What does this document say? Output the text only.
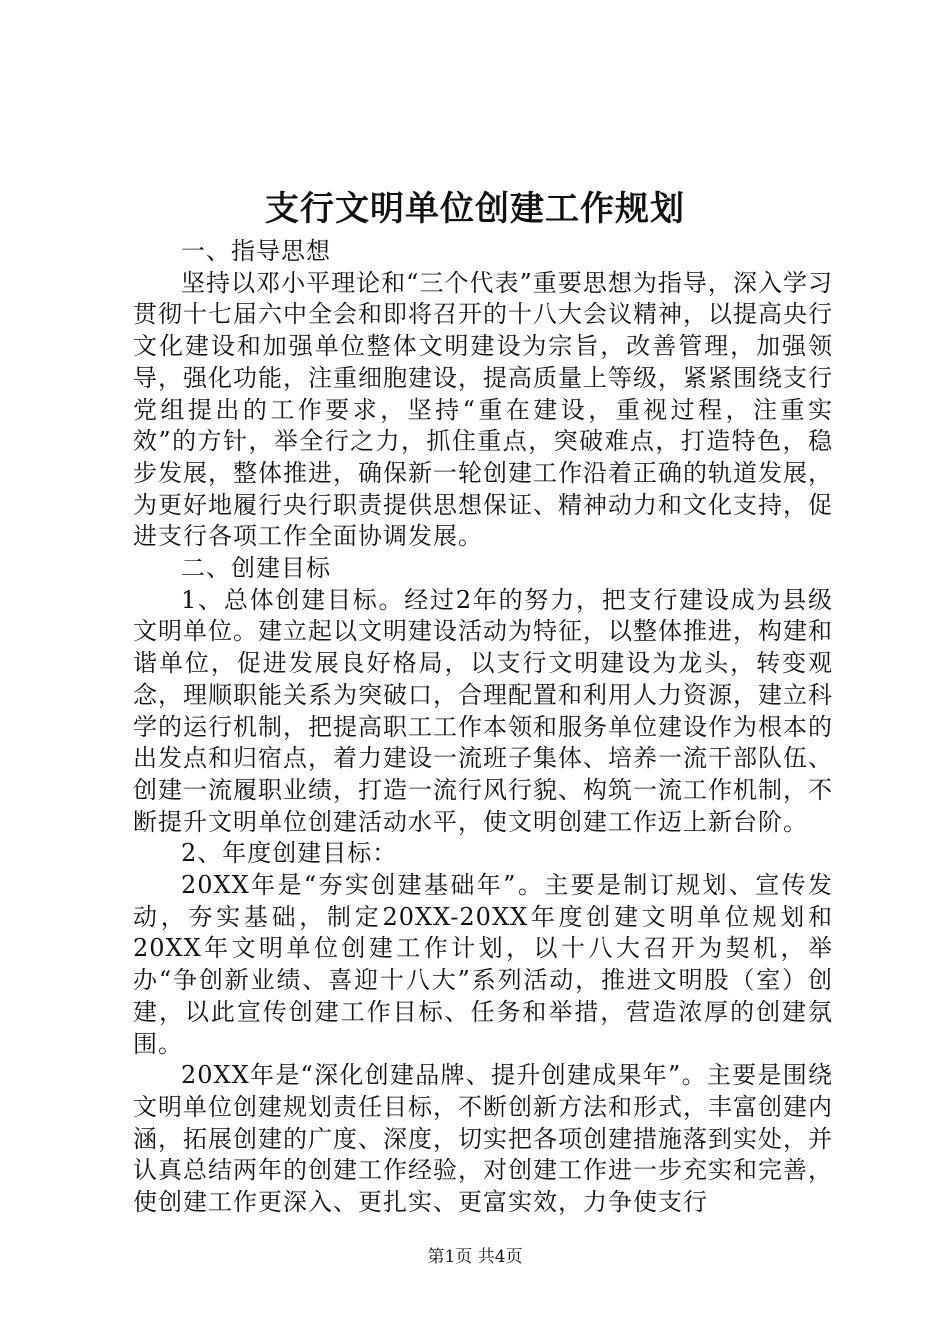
支行文明单位创建工作规划

一、指导思想

坚持以邓小平理论和“三个代表”重要思想为指导，深入学习贯彻十七届六中全会和即将召开的十八大会议精神，以提高央行文化建设和加强单位整体文明建设为宗旨，改善管理，加强领导，强化功能，注重细胞建设，提高质量上等级，紧紧围绕支行党组提出的工作要求，坚持“重在建设，重视过程，注重实效”的方针，举全行之力，抓住重点，突破难点，打造特色，稳步发展，整体推进，确保新一轮创建工作沿着正确的轨道发展，为更好地履行央行职责提供思想保证、精神动力和文化支持，促进支行各项工作全面协调发展。

二、创建目标

1、总体创建目标。经过2年的努力，把支行建设成为县级文明单位。建立起以文明建设活动为特征，以整体推进，构建和谐单位，促进发展良好格局，以支行文明建设为龙头，转变观念，理顺职能关系为突破口，合理配置和利用人力资源，建立科学的运行机制，把提高职工工作本领和服务单位建设作为根本的出发点和归宿点，着力建设一流班子集体、培养一流干部队伍、创建一流履职业绩，打造一流行风行貌、构筑一流工作机制，不断提升文明单位创建活动水平，使文明创建工作迈上新台阶。

2、年度创建目标：

20XX年是“夯实创建基础年”。主要是制订规划、宣传发动，夯实基础，制定20XX-20XX年度创建文明单位规划和20XX年文明单位创建工作计划，以十八大召开为契机，举办“争创新业绩、喜迎十八大”系列活动，推进文明股（室）创建，以此宣传创建工作目标、任务和举措，营造浓厚的创建氛围。

20XX年是“深化创建品牌、提升创建成果年”。主要是围绕文明单位创建规划责任目标，不断创新方法和形式，丰富创建内涵，拓展创建的广度、深度，切实把各项创建措施落到实处，并认真总结两年的创建工作经验，对创建工作进一步充实和完善，使创建工作更深入、更扎实、更富实效，力争使支行

第1页 共4页
